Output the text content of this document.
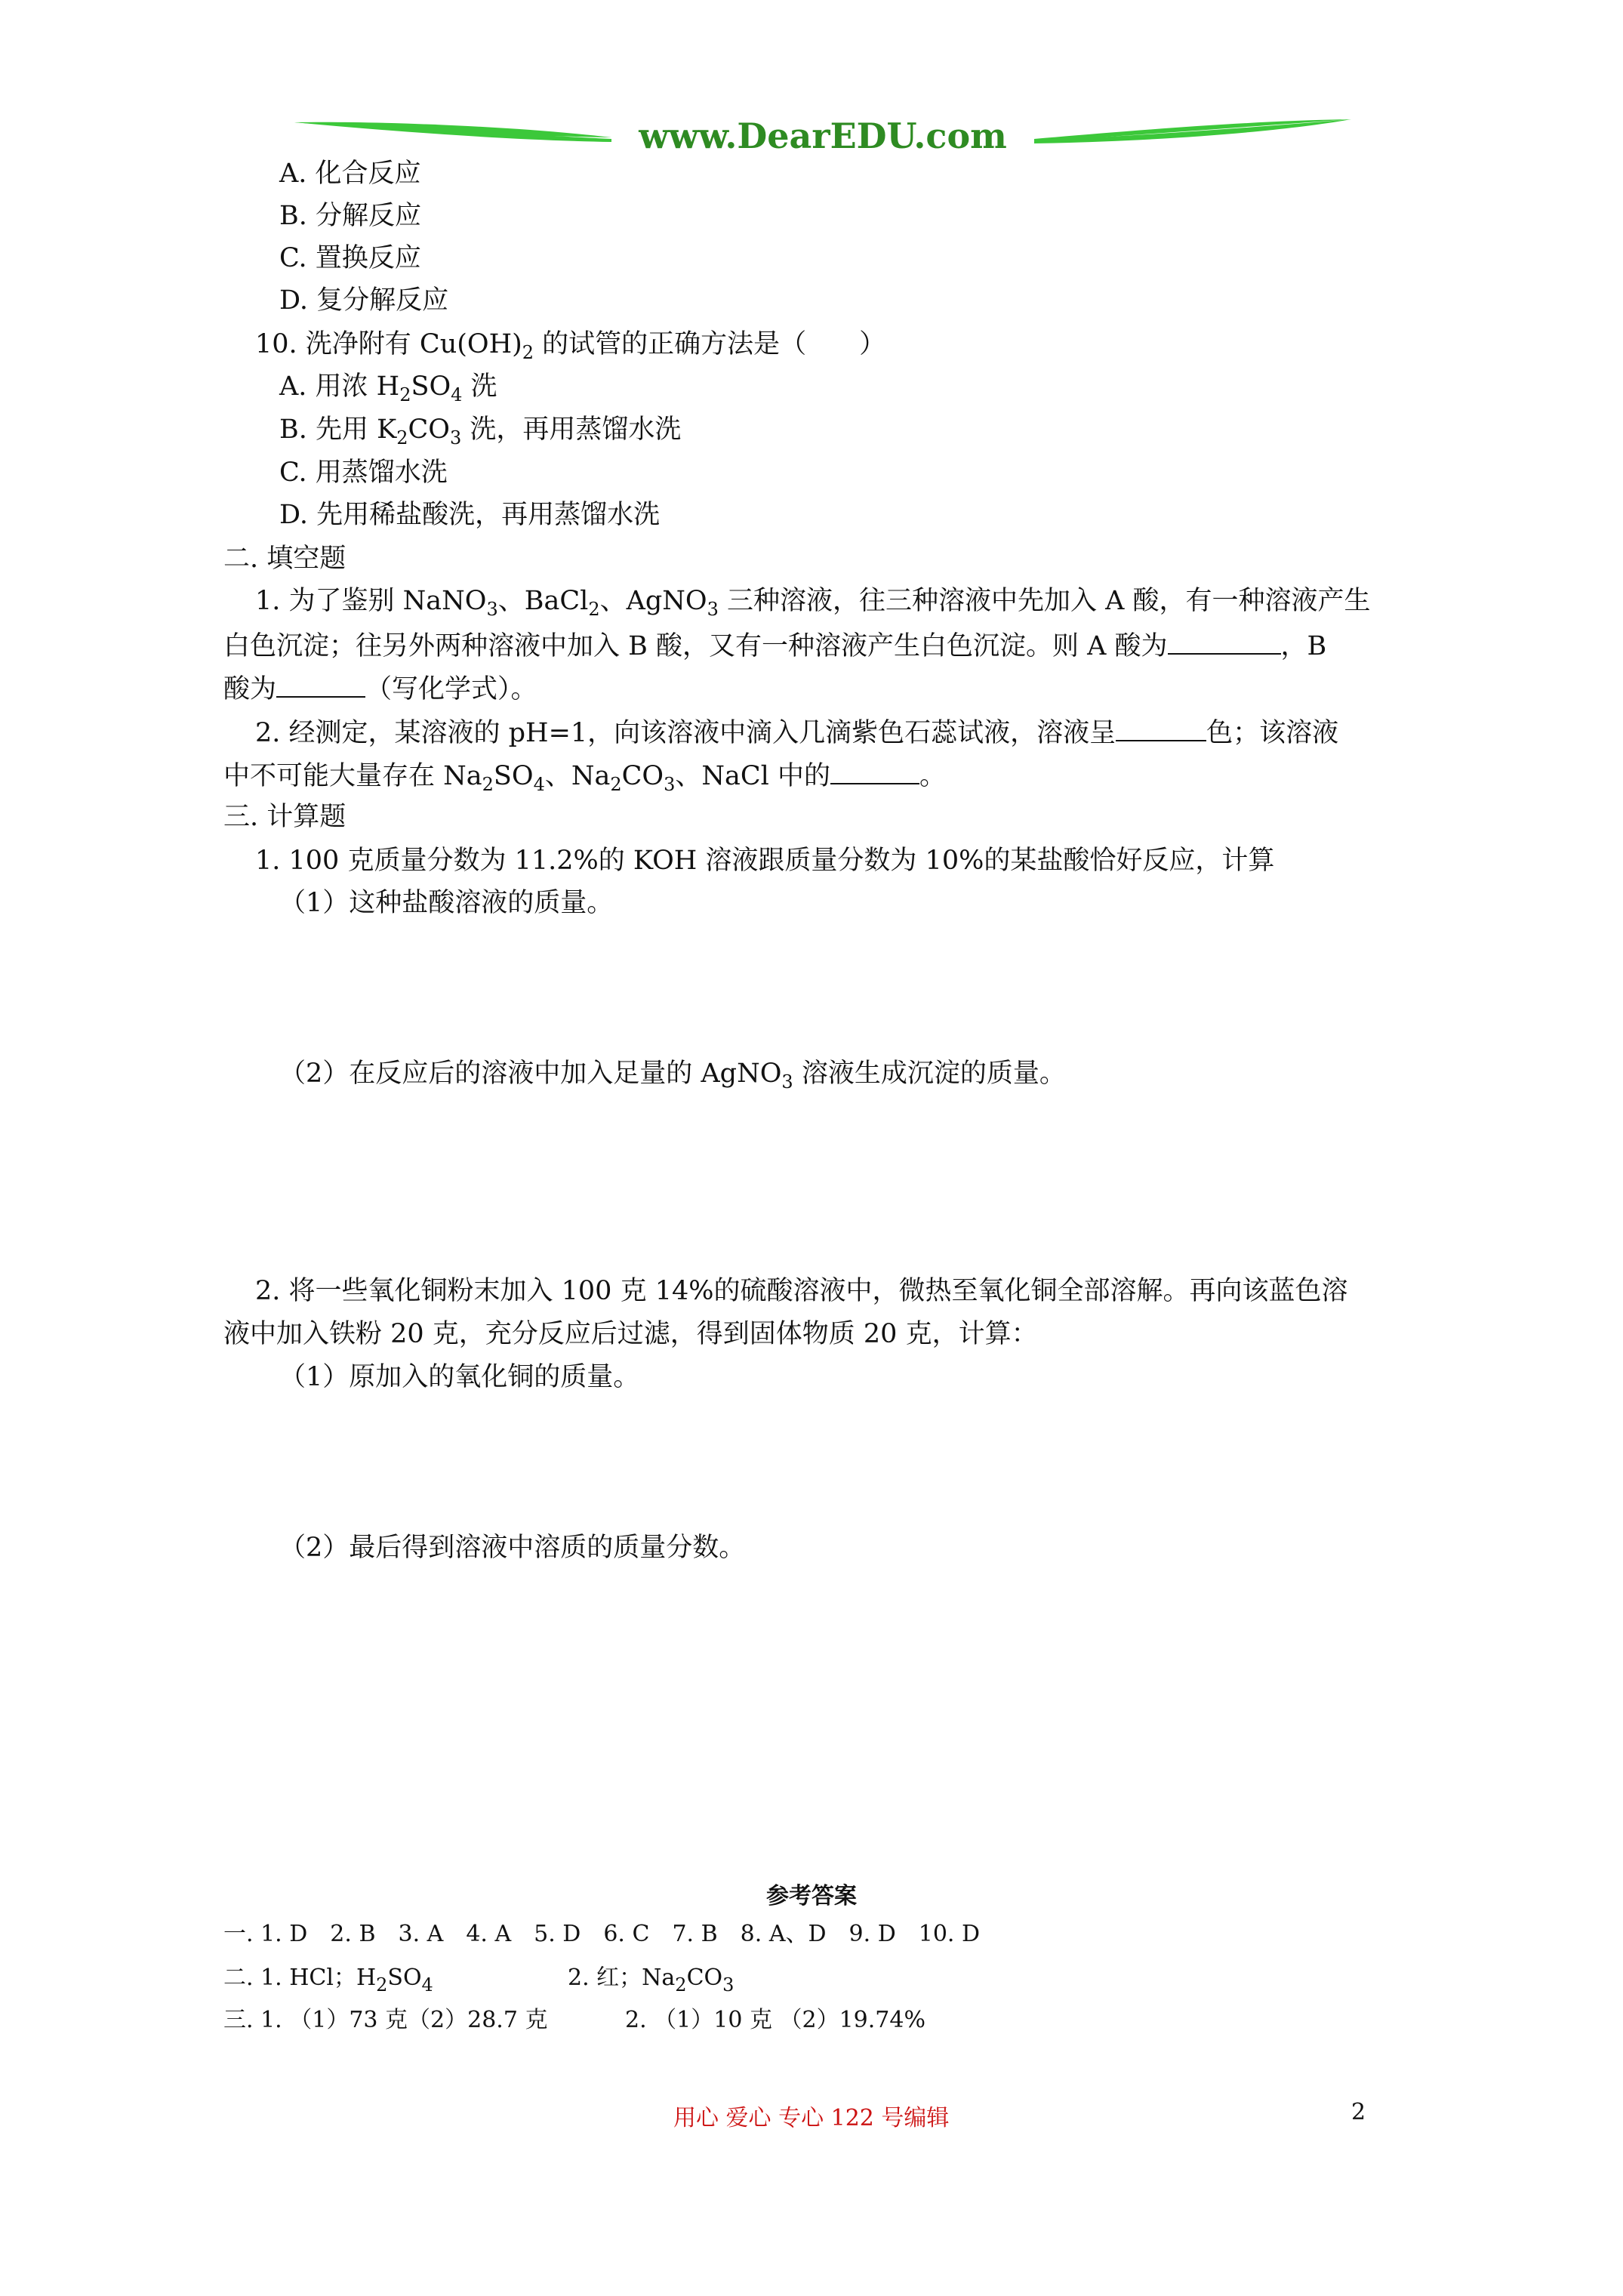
www.DearEDU.com
A. 化合反应
B. 分解反应
C. 置换反应
D. 复分解反应
10. 洗净附有 $Cu(OH)_2$ 的试管的正确方法是（　　）
A. 用浓 $H_2SO_4$ 洗
B. 先用 $K_2CO_3$ 洗，再用蒸馏水洗
C. 用蒸馏水洗
D. 先用稀盐酸洗，再用蒸馏水洗
二. 填空题
1. 为了鉴别 NaNO$_3$、BaCl$_2$、AgNO$_3$ 三种溶液，往三种溶液中先加入 A 酸，有一种溶液产生
白色沉淀；往另外两种溶液中加入 B 酸，又有一种溶液产生白色沉淀。则 A 酸为	，B
酸为	（写化学式）。
2. 经测定，某溶液的 pH=1，向该溶液中滴入几滴紫色石蕊试液，溶液呈	色；该溶液
中不可能大量存在 $Na_2SO_4$、$Na_2CO_3$、NaCl 中的	。
三. 计算题
1. 100 克质量分数为 11.2%的 KOH 溶液跟质量分数为 10%的某盐酸恰好反应，计算
（1）这种盐酸溶液的质量。
（2）在反应后的溶液中加入足量的 AgNO$_3$ 溶液生成沉淀的质量。
2. 将一些氧化铜粉末加入 100 克 14%的硫酸溶液中，微热至氧化铜全部溶解。再向该蓝色溶
液中加入铁粉 20 克，充分反应后过滤，得到固体物质 20 克，计算：
（1）原加入的氧化铜的质量。
（2）最后得到溶液中溶质的质量分数。
参考答案
一. 1. D　2. B　3. A　4. A　5. D　6. C　7. B　8. A、D　9. D　10. D
二. 1. HCl；$H_2SO_4$	2. 红；$Na_2CO_3$
三. 1. （1）73 克（2）28.7 克	2. （1）10 克 （2）19.74%
用心 爱心 专心 122 号编辑	2
